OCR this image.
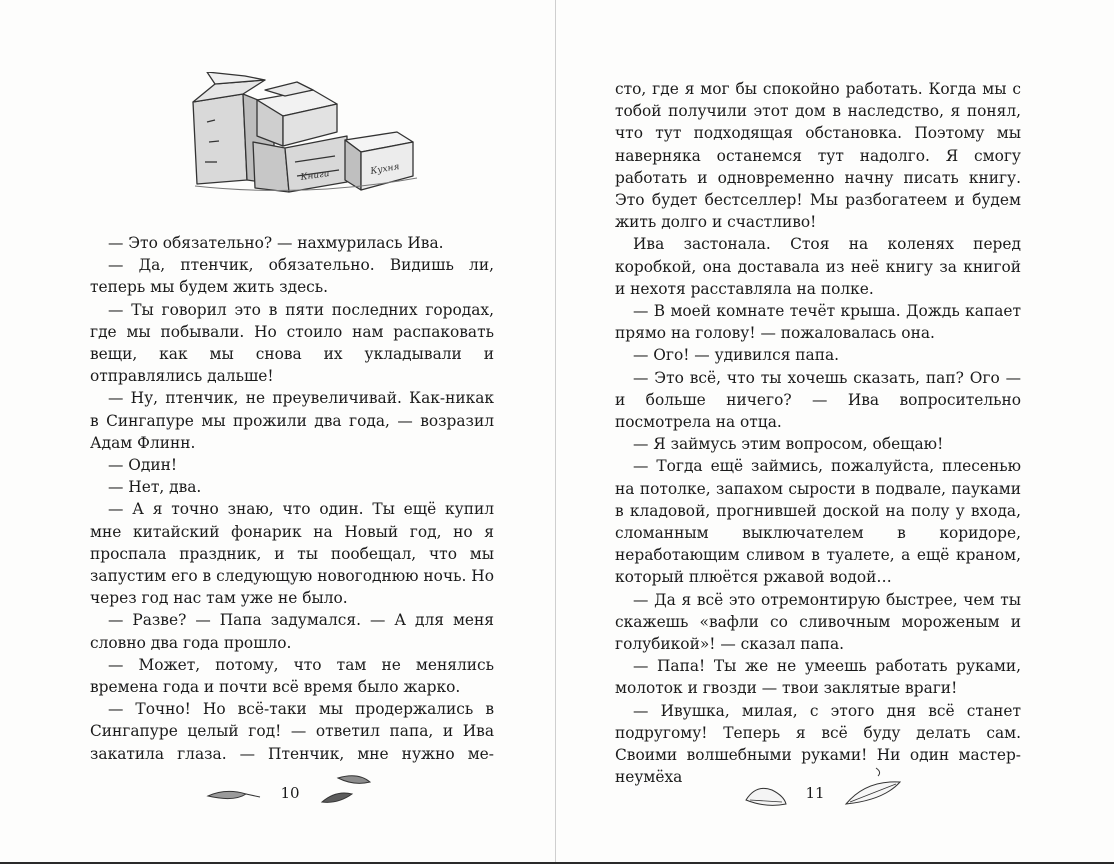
Книги	Кухня

— Это обязательно? — нахмурилась Ива.

— Да, птенчик, обязательно. Видишь ли, теперь мы будем жить здесь.

— Ты говорил это в пяти последних городах, где мы побывали. Но стоило нам распаковать вещи, как мы снова их укладывали и отправлялись дальше!

— Ну, птенчик, не преувеличивай. Как-никак в Сингапуре мы прожили два года, — возразил Адам Флинн.

— Один!

— Нет, два.

— А я точно знаю, что один. Ты ещё купил мне китайский фонарик на Новый год, но я проспала праздник, и ты пообещал, что мы запустим его в следующую новогоднюю ночь. Но через год нас там уже не было.

— Разве? — Папа задумался. — А для меня словно два года прошло.

— Может, потому, что там не менялись времена года и почти всё время было жарко.

— Точно! Но всё-таки мы продержались в Сингапуре целый год! — ответил папа, и Ива закатила глаза. — Птенчик, мне нужно ме-

10

сто, где я мог бы спокойно работать. Когда мы с тобой получили этот дом в наследство, я понял, что тут подходящая обстановка. Поэтому мы наверняка останемся тут надолго. Я смогу работать и одновременно начну писать книгу. Это будет бестселлер! Мы разбогатеем и будем жить долго и счастливо!

Ива застонала. Стоя на коленях перед коробкой, она доставала из неё книгу за книгой и нехотя расставляла на полке.

— В моей комнате течёт крыша. Дождь капает прямо на голову! — пожаловалась она.

— Ого! — удивился папа.

— Это всё, что ты хочешь сказать, пап? Ого — и больше ничего? — Ива вопросительно посмотрела на отца.

— Я займусь этим вопросом, обещаю!

— Тогда ещё займись, пожалуйста, плесенью на потолке, запахом сырости в подвале, пауками в кладовой, прогнившей доской на полу у входа, сломанным выключателем в коридоре, неработающим сливом в туалете, а ещё краном, который плюётся ржавой водой…

— Да я всё это отремонтирую быстрее, чем ты скажешь «вафли со сливочным мороженым и голубикой»! — сказал папа.

— Папа! Ты же не умеешь работать руками, молоток и гвозди — твои заклятые враги!

— Ивушка, милая, с этого дня всё станет подругому! Теперь я всё буду делать сам. Своими волшебными руками! Ни один мастер-неумёха

11
